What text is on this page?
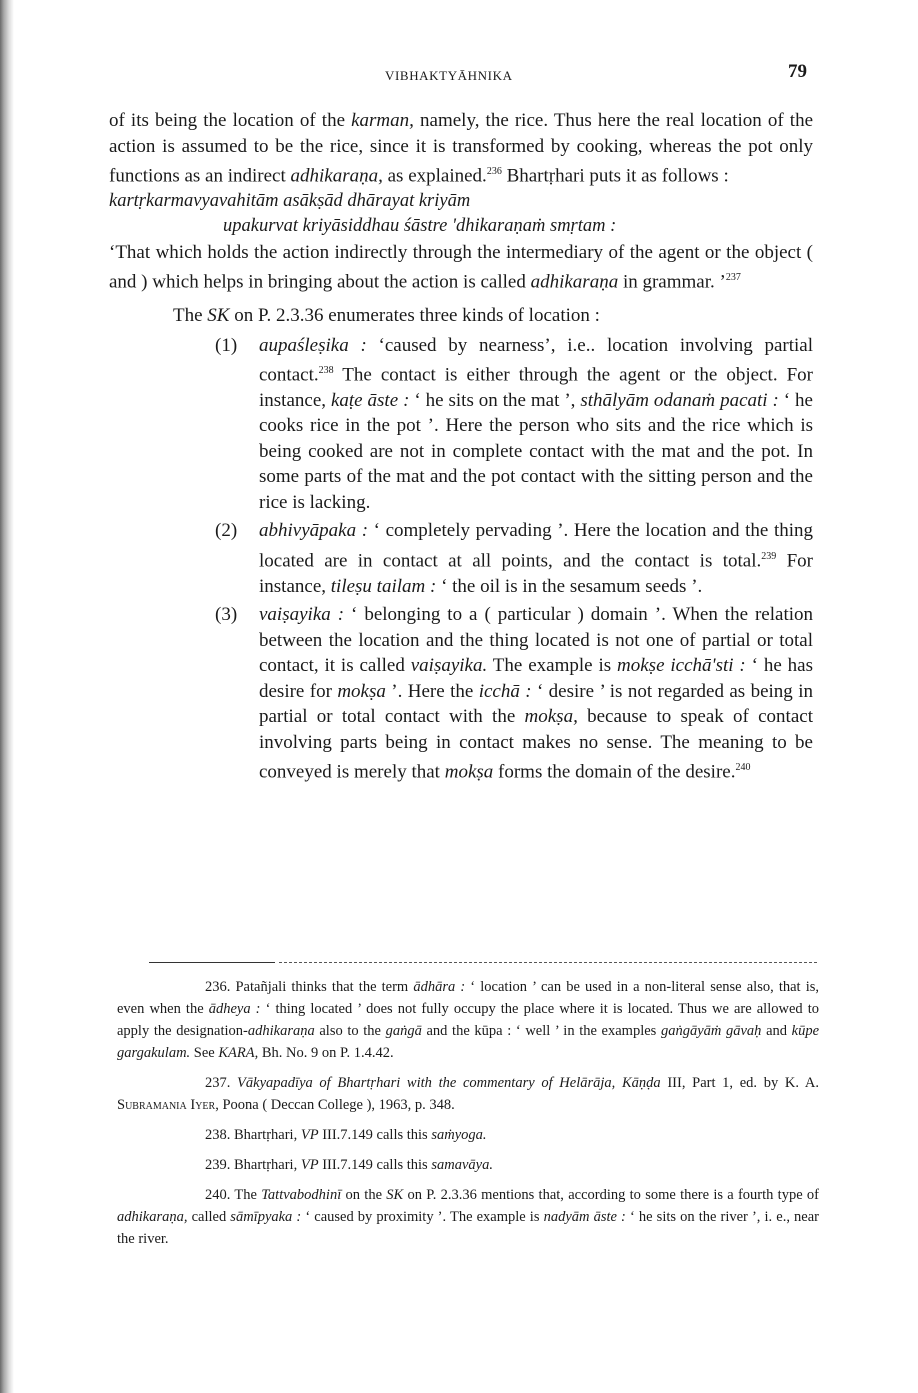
VIBHAKTYĀHNIKA	79

of its being the location of the karman, namely, the rice. Thus here the real location of the action is assumed to be the rice, since it is transformed by cooking, whereas the pot only functions as an indirect adhikaraṇa, as explained.$^{236}$ Bhartṛhari puts it as follows :

kartṛkarmavyavahitām asākṣād dhārayat kriyām

upakurvat kriyāsiddhau śāstre 'dhikaraṇaṁ smṛtam :

‘That which holds the action indirectly through the intermediary of the agent or the object ( and ) which helps in bringing about the action is called adhikaraṇa in grammar. ’$^{237}$

The SK on P. 2.3.36 enumerates three kinds of location :

(1)	aupaśleṣika : ‘caused by nearness’, i.e.. location involving partial contact.$^{238}$ The contact is either through the agent or the object. For instance, kaṭe āste : ‘ he sits on the mat ’, sthālyām odanaṁ pacati : ‘ he cooks rice in the pot ’. Here the person who sits and the rice which is being cooked are not in complete contact with the mat and the pot. In some parts of the mat and the pot contact with the sitting person and the rice is lacking.
(2)	abhivyāpaka : ‘ completely pervading ’. Here the location and the thing located are in contact at all points, and the contact is total.$^{239}$ For instance, tileṣu tailam : ‘ the oil is in the sesamum seeds ’.
(3)	vaiṣayika : ‘ belonging to a ( particular ) domain ’. When the relation between the location and the thing located is not one of partial or total contact, it is called vaiṣayika. The example is mokṣe icchā'sti : ‘ he has desire for mokṣa ’. Here the icchā : ‘ desire ’ is not regarded as being in partial or total contact with the mokṣa, because to speak of contact involving parts being in contact makes no sense. The meaning to be conveyed is merely that mokṣa forms the domain of the desire.$^{240}$

236. Patañjali thinks that the term ādhāra : ‘ location ’ can be used in a non-literal sense also, that is, even when the ādheya : ‘ thing located ’ does not fully occupy the place where it is located. Thus we are allowed to apply the designation-adhikaraṇa also to the gaṅgā and the kūpa : ‘ well ’ in the examples gaṅgāyāṁ gāvaḥ and kūpe gargakulam. See KARA, Bh. No. 9 on P. 1.4.42.

237. Vākyapadīya of Bhartṛhari with the commentary of Helārāja, Kāṇḍa III, Part 1, ed. by K. A. Subramania Iyer, Poona ( Deccan College ), 1963, p. 348.

238. Bhartṛhari, VP III.7.149 calls this saṁyoga.

239. Bhartṛhari, VP III.7.149 calls this samavāya.

240. The Tattvabodhinī on the SK on P. 2.3.36 mentions that, according to some there is a fourth type of adhikaraṇa, called sāmīpyaka : ‘ caused by proximity ’. The example is nadyām āste : ‘ he sits on the river ’, i. e., near the river.
